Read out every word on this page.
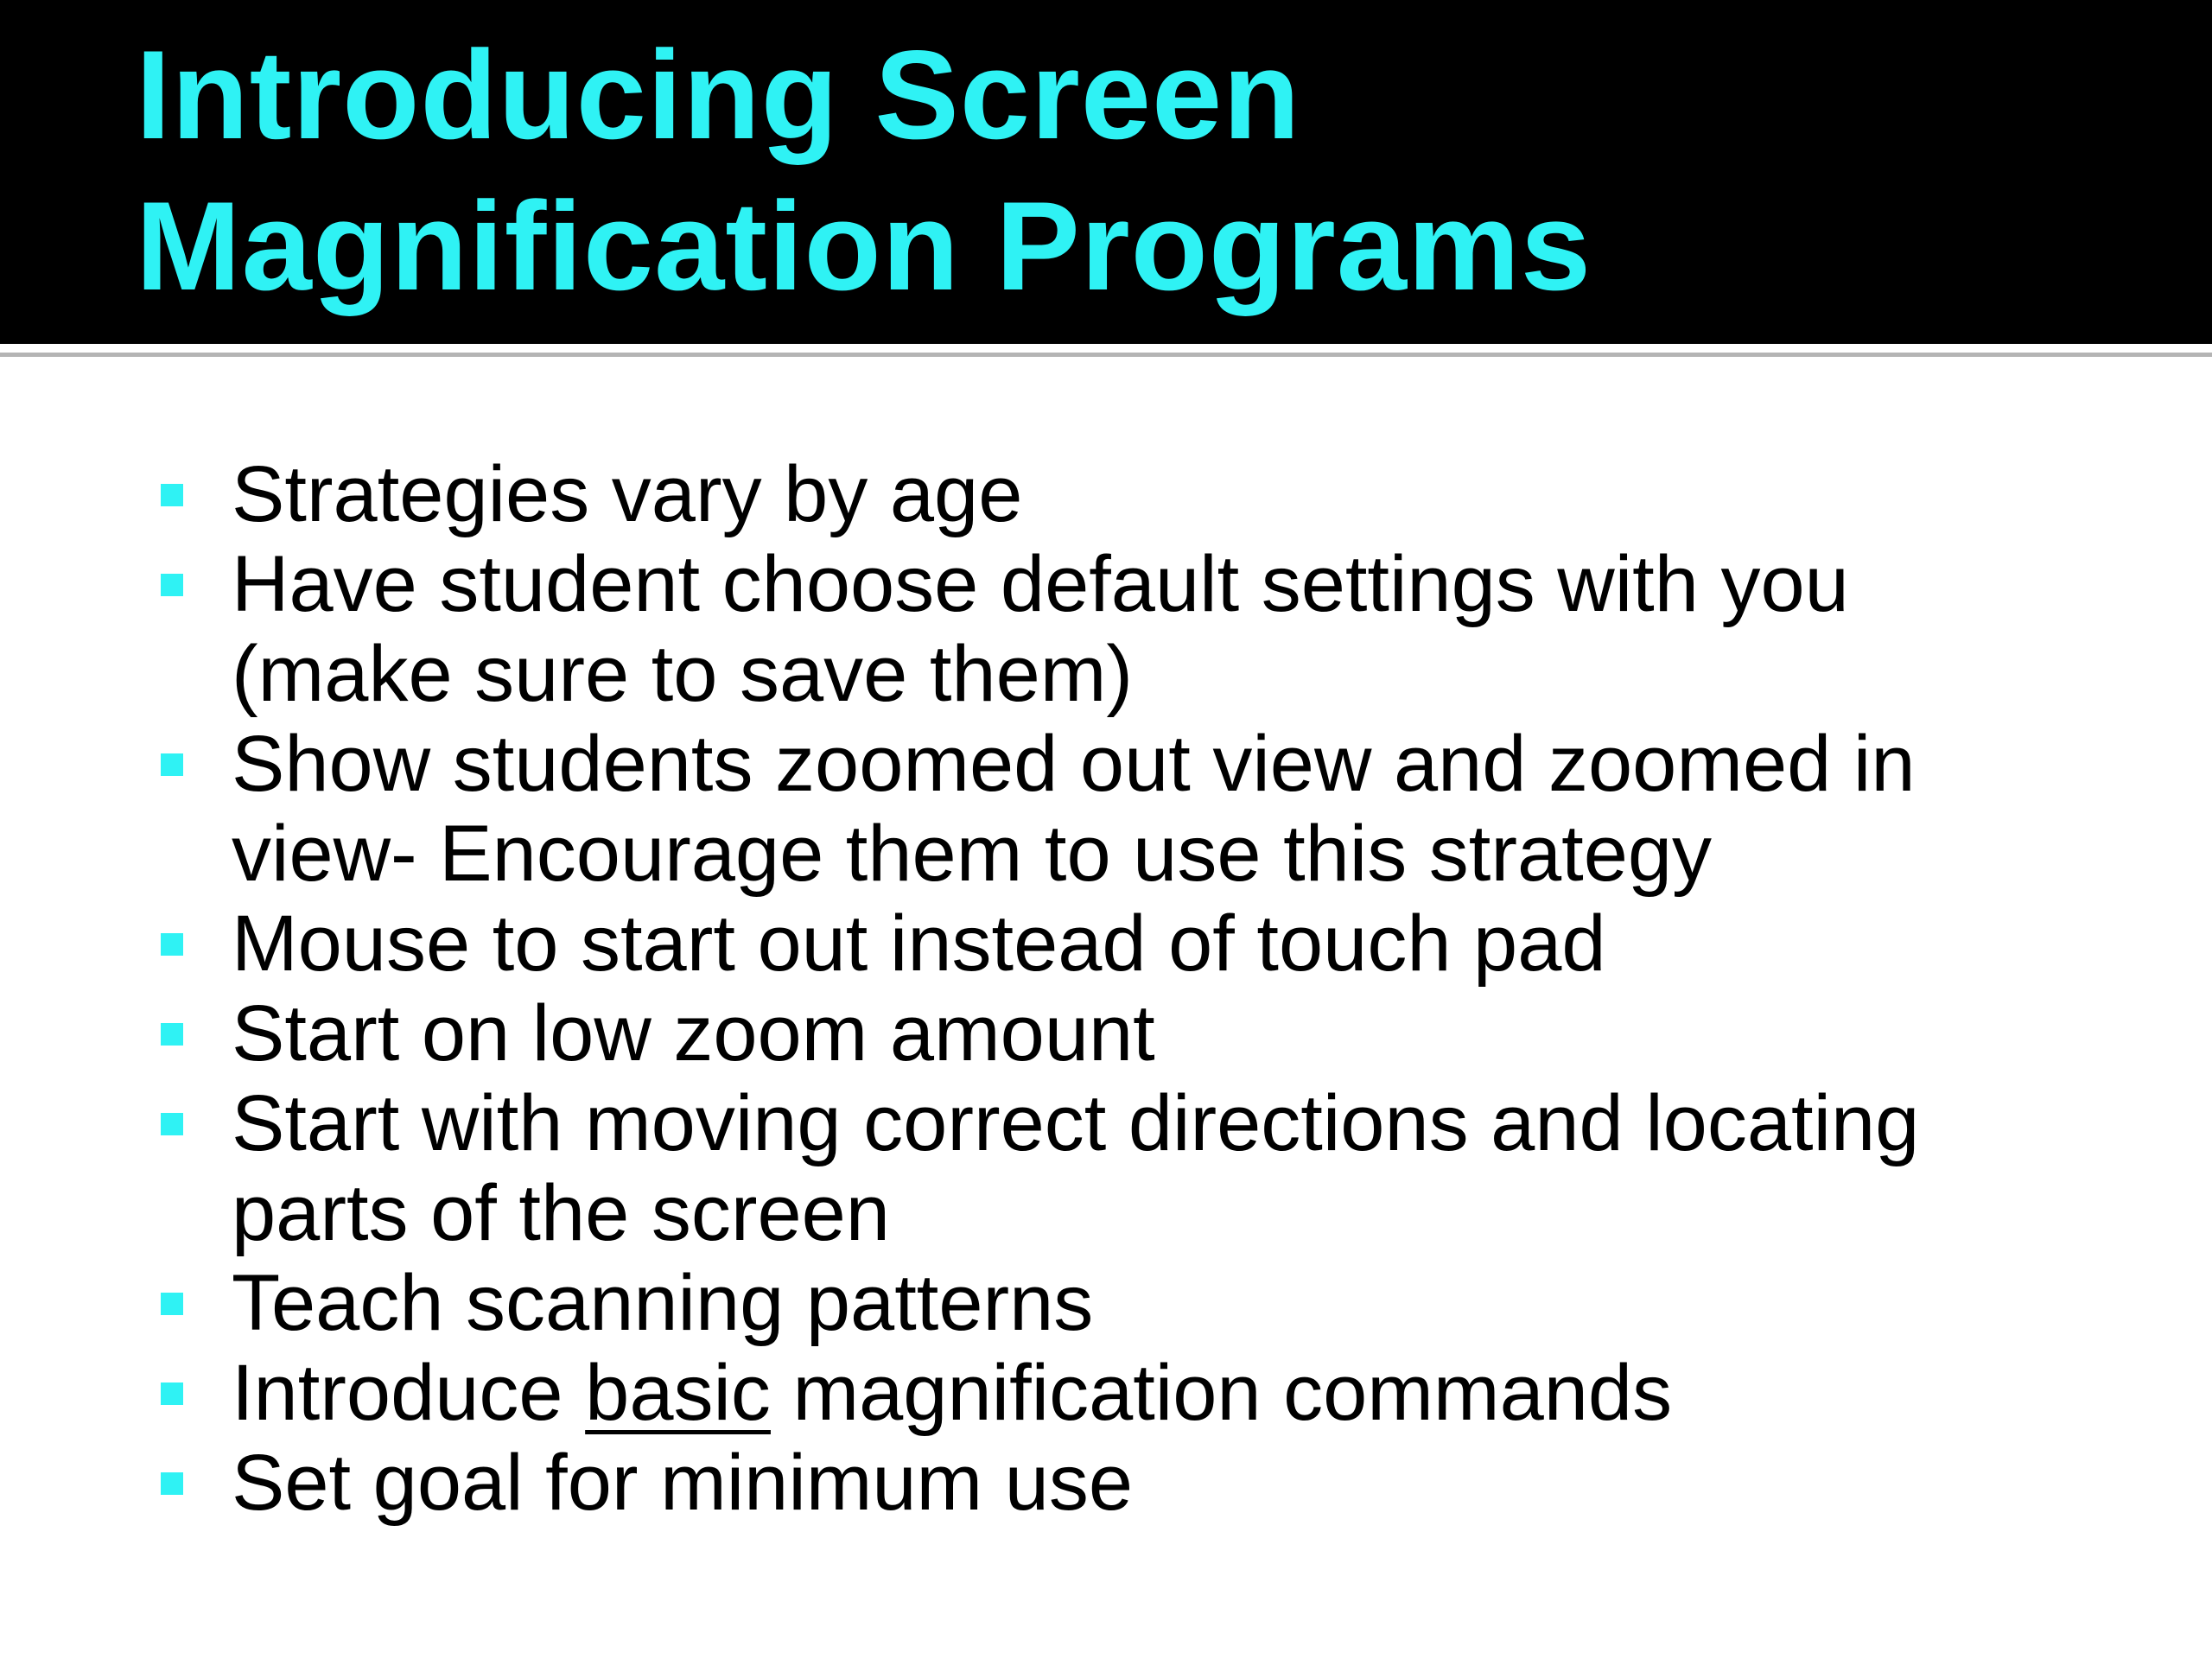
Introducing Screen
Magnification Programs
Strategies vary by age
Have student choose default settings with you
(make sure to save them)
Show students zoomed out view and zoomed in
view- Encourage them to use this strategy
Mouse to start out instead of touch pad
Start on low zoom amount
Start with moving correct directions and locating
parts of the screen
Teach scanning patterns
Introduce basic magnification commands
Set goal for minimum use
